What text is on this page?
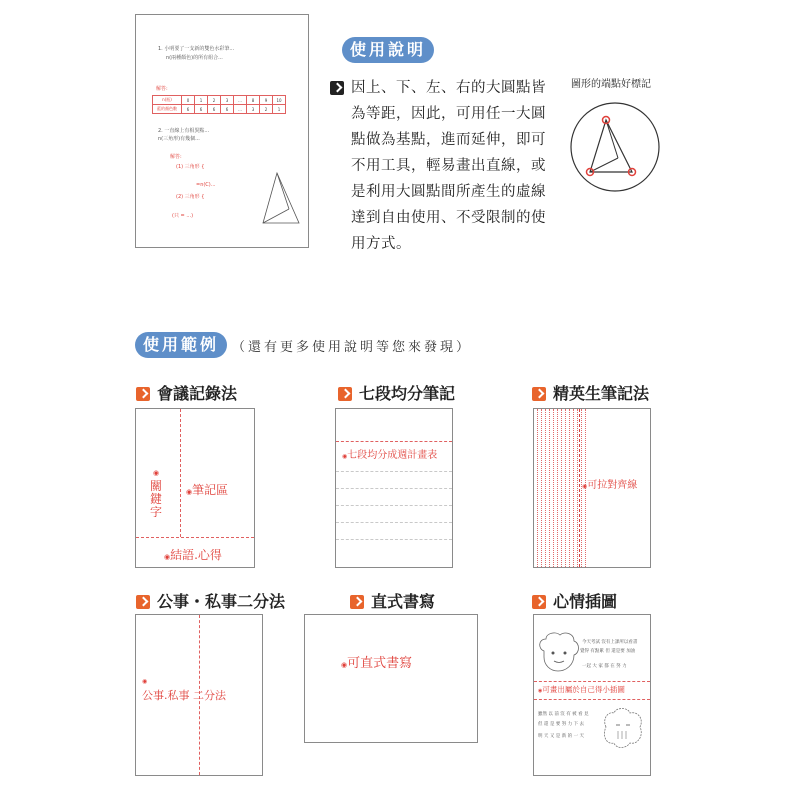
1. 小明要了一支新的雙色水彩筆...
n(兩種顏色)的所有組合...
解答:
n(瓶)	0	1	2	3	...	8	9	10
藍的顏色數	6	6	6	6	...	3	2	1
2. 一直線上有相異點...
n(三角形)有幾個...
解答:
(1) 三角形 {
=n(C)...
(2) 三角形 {
(只 = ...)
使用說明
因上、下、左、右的大圓點皆為等距，因此，可用任一大圓點做為基點，進而延伸，即可不用工具，輕易畫出直線，或是利用大圓點間所產生的虛線達到自由使用、不受限制的使用方式。
圖形的端點好標記
使用範例	（還有更多使用說明等您來發現）
會議記錄法	七段均分筆記	精英生筆記法
◉
關鍵字
◉筆記區
◉結語.心得
◉七段均分成週計畫表
◉可拉對齊線
公事・私事二分法	直式書寫	心情插圖
◉
公事.私事 二分法
◉可直式書寫
今天考試 沒有上課所以看書
覺得 有點累 但 還是要 加油
一起 大 家 都 在 努 力
◉可畫出屬於自己得小插圖
雖然 以 前 沒 有 被 看 見
但 還 是 要 努 力 下 去
明 天 又 是 新 的 一 天
